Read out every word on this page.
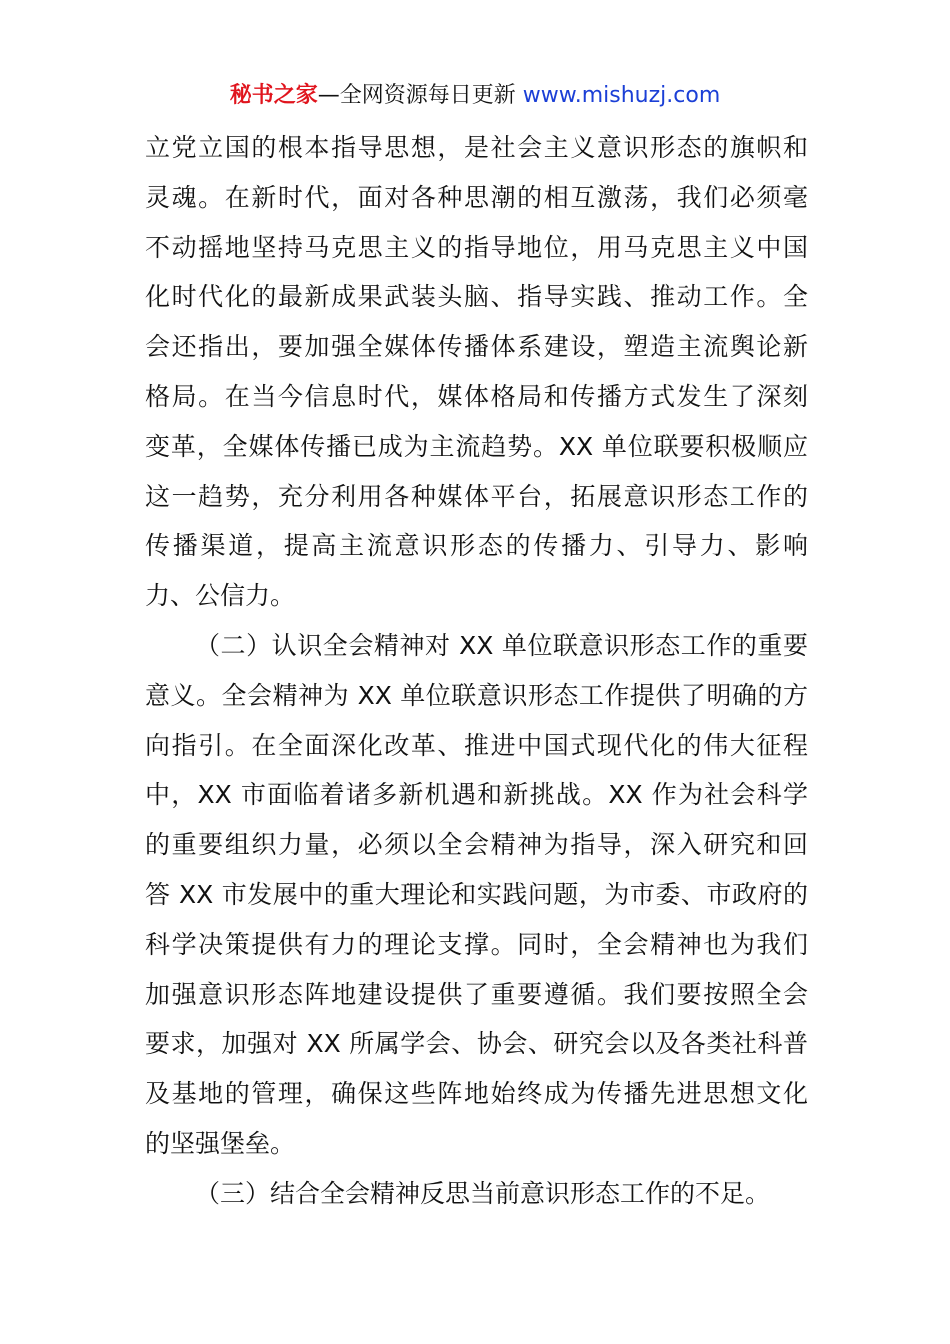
秘书之家—全网资源每日更新 www.mishuzj.com
立党立国的根本指导思想，是社会主义意识形态的旗帜和
灵魂。在新时代，面对各种思潮的相互激荡，我们必须毫
不动摇地坚持马克思主义的指导地位，用马克思主义中国
化时代化的最新成果武装头脑、指导实践、推动工作。全
会还指出，要加强全媒体传播体系建设，塑造主流舆论新
格局。在当今信息时代，媒体格局和传播方式发生了深刻
变革，全媒体传播已成为主流趋势。XX 单位联要积极顺应
这一趋势，充分利用各种媒体平台，拓展意识形态工作的
传播渠道，提高主流意识形态的传播力、引导力、影响
力、公信力。
（二）认识全会精神对 XX 单位联意识形态工作的重要
意义。全会精神为 XX 单位联意识形态工作提供了明确的方
向指引。在全面深化改革、推进中国式现代化的伟大征程
中，XX 市面临着诸多新机遇和新挑战。XX 作为社会科学
的重要组织力量，必须以全会精神为指导，深入研究和回
答 XX 市发展中的重大理论和实践问题，为市委、市政府的
科学决策提供有力的理论支撑。同时，全会精神也为我们
加强意识形态阵地建设提供了重要遵循。我们要按照全会
要求，加强对 XX 所属学会、协会、研究会以及各类社科普
及基地的管理，确保这些阵地始终成为传播先进思想文化
的坚强堡垒。
（三）结合全会精神反思当前意识形态工作的不足。
